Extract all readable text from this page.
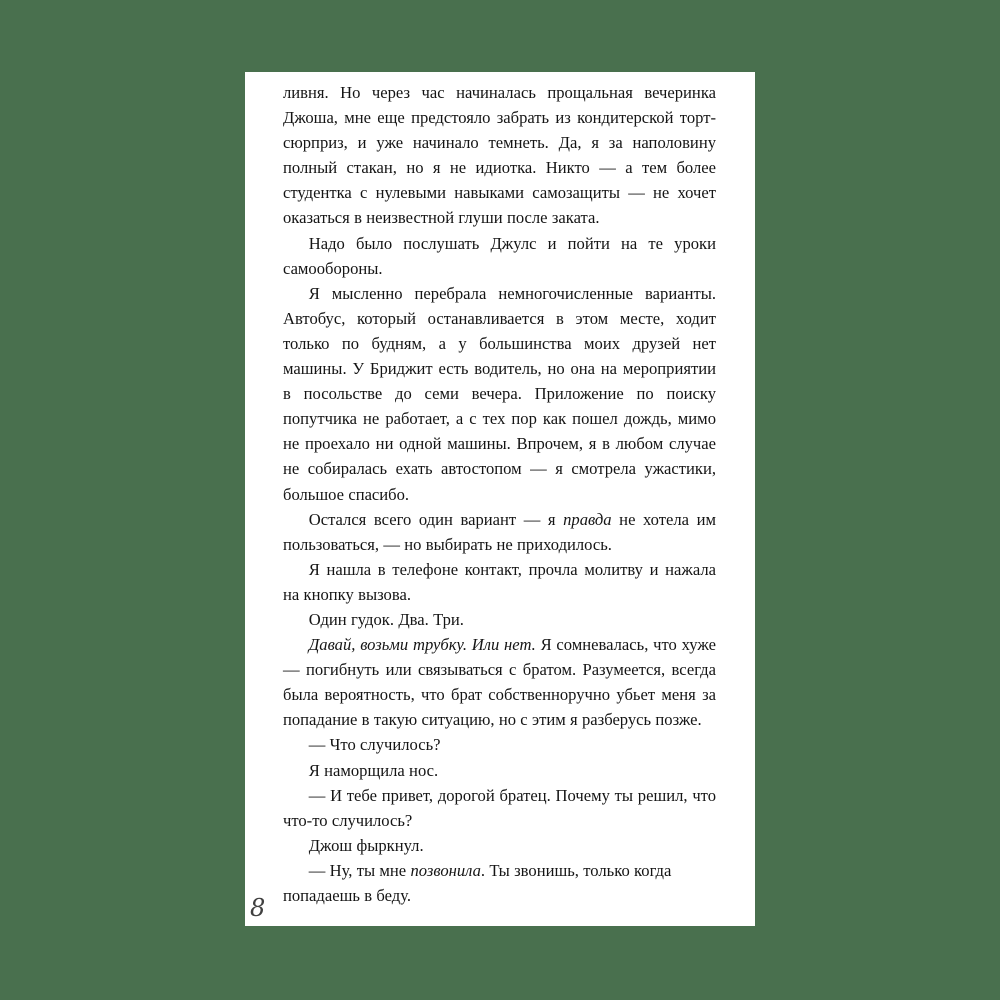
ливня. Но через час начиналась прощальная вечеринка Джоша, мне еще предстояло забрать из кондитерской торт-сюрприз, и уже начинало темнеть. Да, я за наполовину полный стакан, но я не идиотка. Никто — а тем более студентка с нулевыми навыками самозащиты — не хочет оказаться в неизвестной глуши после заката.

Надо было послушать Джулс и пойти на те уроки самообороны.

Я мысленно перебрала немногочисленные варианты. Автобус, который останавливается в этом месте, ходит только по будням, а у большинства моих друзей нет машины. У Бриджит есть водитель, но она на мероприятии в посольстве до семи вечера. Приложение по поиску попутчика не работает, а с тех пор как пошел дождь, мимо не проехало ни одной машины. Впрочем, я в любом случае не собиралась ехать автостопом — я смотрела ужастики, большое спасибо.

Остался всего один вариант — я правда не хотела им пользоваться, — но выбирать не приходилось.

Я нашла в телефоне контакт, прочла молитву и нажала на кнопку вызова.

Один гудок. Два. Три.

Давай, возьми трубку. Или нет. Я сомневалась, что хуже — погибнуть или связываться с братом. Разумеется, всегда была вероятность, что брат собственноручно убьет меня за попадание в такую ситуацию, но с этим я разберусь позже.

— Что случилось?

Я наморщила нос.

— И тебе привет, дорогой братец. Почему ты решил, что что-то случилось?

Джош фыркнул.

— Ну, ты мне позвонила. Ты звонишь, только когда попадаешь в беду.

8
